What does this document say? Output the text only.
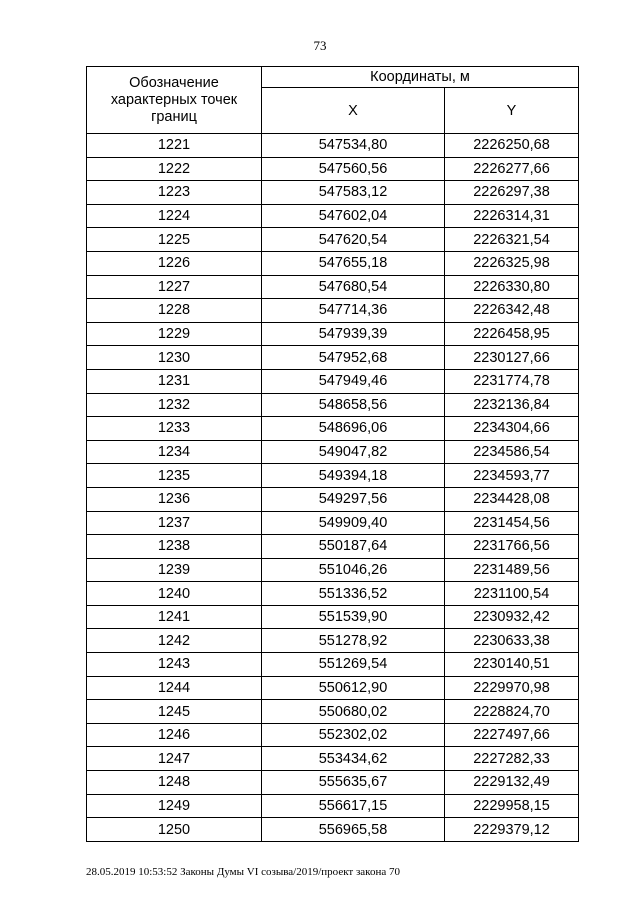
73
Обозначение характерных точек границ	Координаты, м	
	X	Y
1221	547534,80	2226250,68
1222	547560,56	2226277,66
1223	547583,12	2226297,38
1224	547602,04	2226314,31
1225	547620,54	2226321,54
1226	547655,18	2226325,98
1227	547680,54	2226330,80
1228	547714,36	2226342,48
1229	547939,39	2226458,95
1230	547952,68	2230127,66
1231	547949,46	2231774,78
1232	548658,56	2232136,84
1233	548696,06	2234304,66
1234	549047,82	2234586,54
1235	549394,18	2234593,77
1236	549297,56	2234428,08
1237	549909,40	2231454,56
1238	550187,64	2231766,56
1239	551046,26	2231489,56
1240	551336,52	2231100,54
1241	551539,90	2230932,42
1242	551278,92	2230633,38
1243	551269,54	2230140,51
1244	550612,90	2229970,98
1245	550680,02	2228824,70
1246	552302,02	2227497,66
1247	553434,62	2227282,33
1248	555635,67	2229132,49
1249	556617,15	2229958,15
1250	556965,58	2229379,12
28.05.2019 10:53:52 Законы Думы VI созыва/2019/проект закона 70
